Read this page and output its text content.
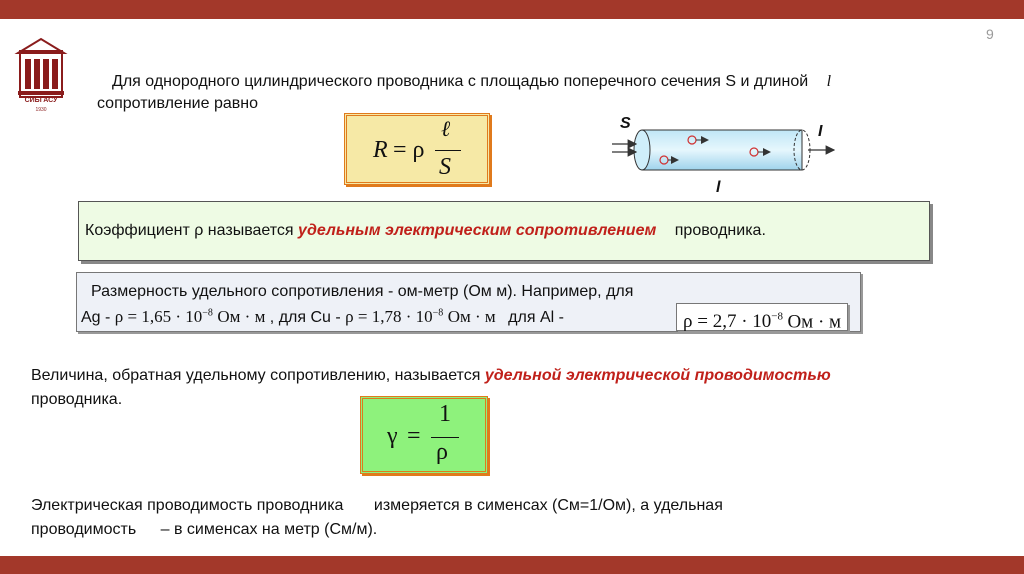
9
СИБГАСУ
1930
Для однородного цилиндрического проводника с площадью поперечного сечения S и длиной l
сопротивление равно
R = ρ
ℓ
S
S	I
l
Коэффициент ρ называется удельным электрическим сопротивлением проводника.
Размерность удельного сопротивления - ом-метр (Ом м). Например, для
$Ag - \rho = 1,65 \cdot 10^{-8}$ Ом · м , для $Cu - \rho = 1,78 \cdot 10^{-8}$ Ом · м для Al -	$\rho = 2,7 \cdot 10^{-8}$ Ом · м
Величина, обратная удельному сопротивлению, называется удельной электрической проводимостью
проводника.
γ =
1
ρ
Электрическая проводимость проводника измеряется в сименсах (См=1/Ом), а удельная
проводимость – в сименсах на метр (См/м).
